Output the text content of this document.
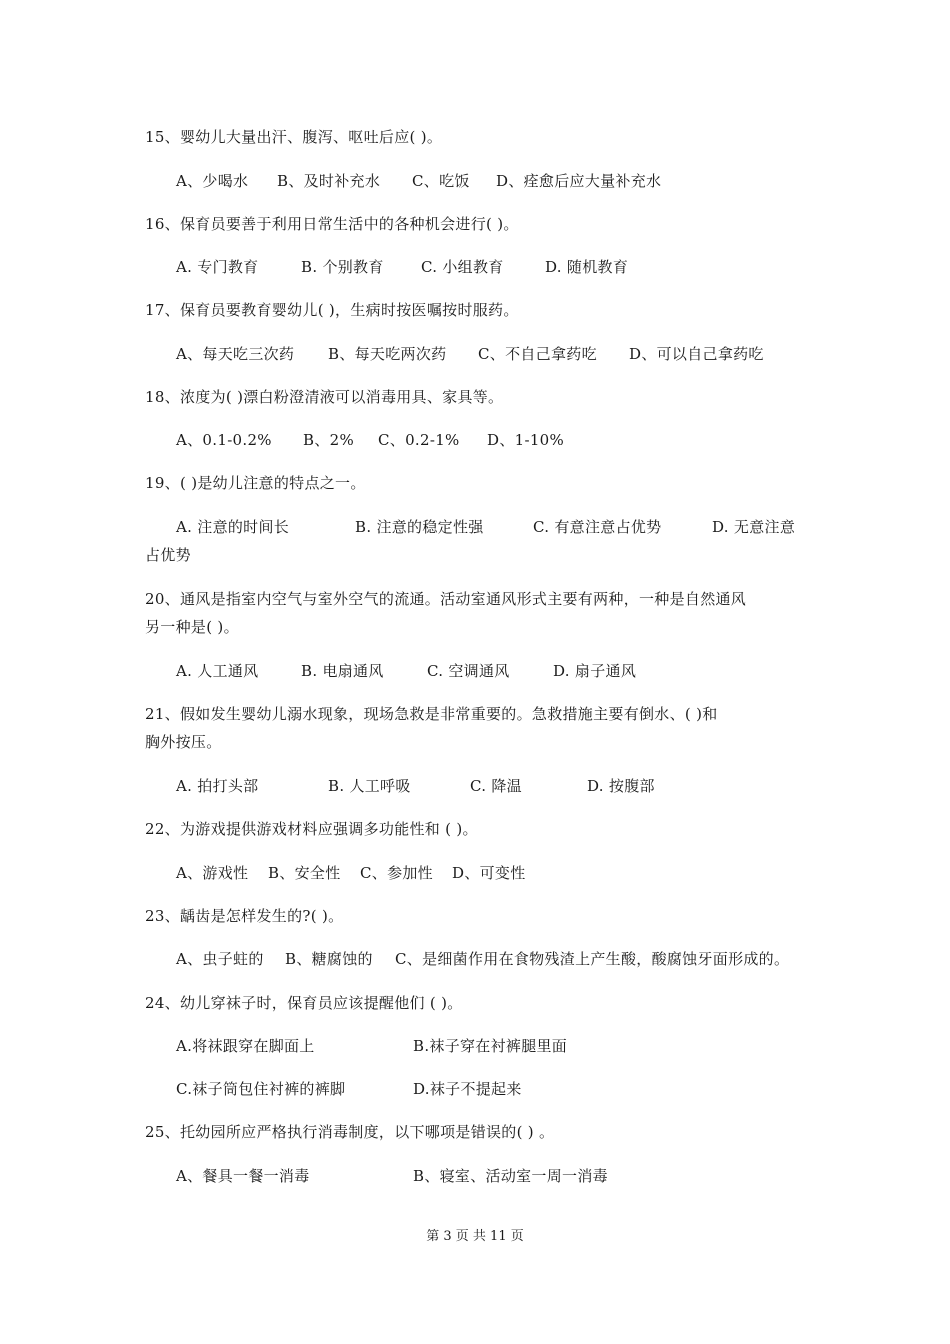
15、婴幼儿大量出汗、腹泻、呕吐后应( )。
A、少喝水 B、及时补充水 C、吃饭 D、痊愈后应大量补充水
16、保育员要善于利用日常生活中的各种机会进行( )。
A. 专门教育	B. 个别教育 C. 小组教育	D. 随机教育
17、保育员要教育婴幼儿( )，生病时按医嘱按时服药。
A、每天吃三次药 B、每天吃两次药 C、不自己拿药吃 D、可以自己拿药吃
18、浓度为( )漂白粉澄清液可以消毒用具、家具等。
A、0.1-0.2% B、2% C、0.2-1% D、1-10%
19、( )是幼儿注意的特点之一。
A. 注意的时间长	B. 注意的稳定性强	C. 有意注意占优势	D. 无意注意
占优势
20、通风是指室内空气与室外空气的流通。活动室通风形式主要有两种，一种是自然通风
另一种是( )。
A. 人工通风	B. 电扇通风	C. 空调通风	D. 扇子通风
21、假如发生婴幼儿溺水现象，现场急救是非常重要的。急救措施主要有倒水、( )和
胸外按压。
A. 拍打头部	B. 人工呼吸	C. 降温	D. 按腹部
22、为游戏提供游戏材料应强调多功能性和 ( )。
A、游戏性 B、安全性 C、参加性 D、可变性
23、龋齿是怎样发生的?( )。
A、虫子蛀的 B、糖腐蚀的 C、是细菌作用在食物残渣上产生酸，酸腐蚀牙面形成的。
24、幼儿穿袜子时，保育员应该提醒他们 ( )。
A.将袜跟穿在脚面上	B.袜子穿在衬裤腿里面
C.袜子筒包住衬裤的裤脚	D.袜子不提起来
25、托幼园所应严格执行消毒制度，以下哪项是错误的( ) 。
A、餐具一餐一消毒	B、寝室、活动室一周一消毒
第 3 页 共 11 页
